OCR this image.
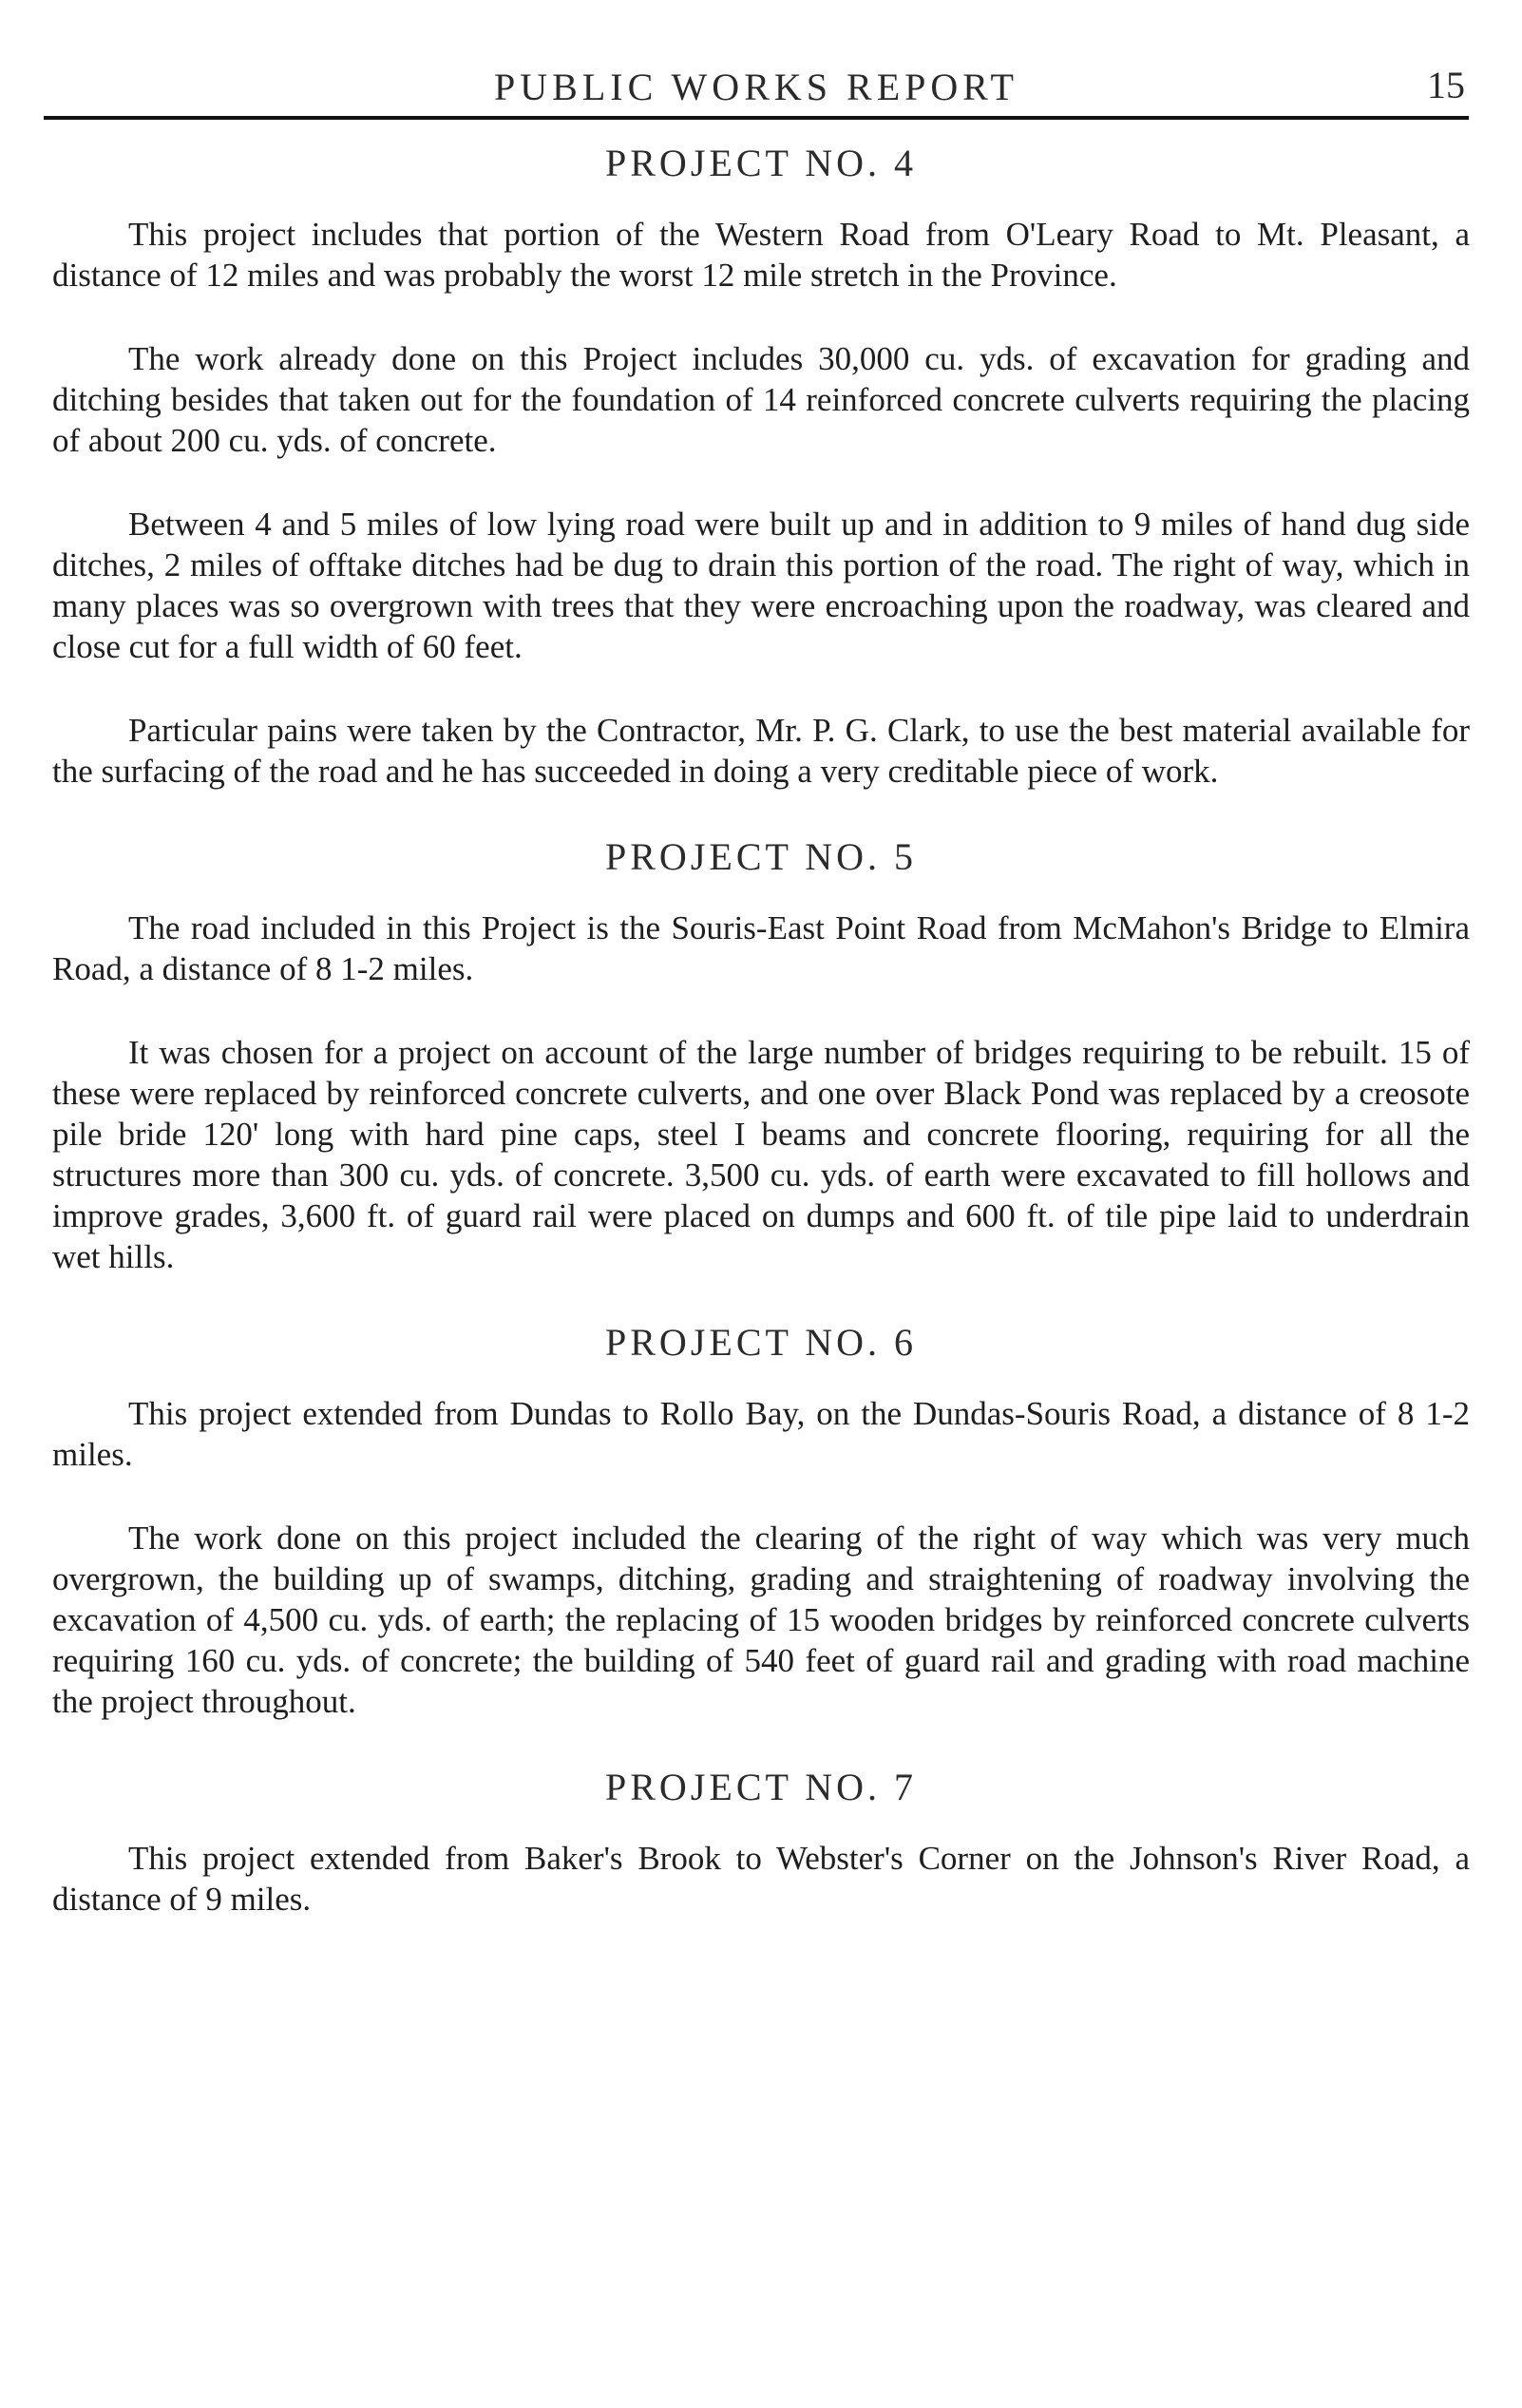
PUBLIC WORKS REPORT	15
PROJECT NO. 4

This project includes that portion of the Western Road from O'Leary Road to Mt. Pleasant, a distance of 12 miles and was probably the worst 12 mile stretch in the Province.

The work already done on this Project includes 30,000 cu. yds. of excavation for grading and ditching besides that taken out for the foundation of 14 reinforced concrete culverts requiring the placing of about 200 cu. yds. of concrete.

Between 4 and 5 miles of low lying road were built up and in addition to 9 miles of hand dug side ditches, 2 miles of offtake ditches had be dug to drain this portion of the road. The right of way, which in many places was so overgrown with trees that they were encroaching upon the roadway, was cleared and close cut for a full width of 60 feet.

Particular pains were taken by the Contractor, Mr. P. G. Clark, to use the best material available for the surfacing of the road and he has succeeded in doing a very creditable piece of work.

PROJECT NO. 5

The road included in this Project is the Souris-East Point Road from McMahon's Bridge to Elmira Road, a distance of 8 1-2 miles.

It was chosen for a project on account of the large number of bridges requiring to be rebuilt. 15 of these were replaced by reinforced concrete culverts, and one over Black Pond was replaced by a creosote pile bride 120' long with hard pine caps, steel I beams and concrete flooring, requiring for all the structures more than 300 cu. yds. of concrete. 3,500 cu. yds. of earth were excavated to fill hollows and improve grades, 3,600 ft. of guard rail were placed on dumps and 600 ft. of tile pipe laid to underdrain wet hills.

PROJECT NO. 6

This project extended from Dundas to Rollo Bay, on the Dundas-Souris Road, a distance of 8 1-2 miles.

The work done on this project included the clearing of the right of way which was very much overgrown, the building up of swamps, ditching, grading and straightening of roadway involving the excavation of 4,500 cu. yds. of earth; the replacing of 15 wooden bridges by reinforced concrete culverts requiring 160 cu. yds. of concrete; the building of 540 feet of guard rail and grading with road machine the project throughout.

PROJECT NO. 7

This project extended from Baker's Brook to Webster's Corner on the Johnson's River Road, a distance of 9 miles.
